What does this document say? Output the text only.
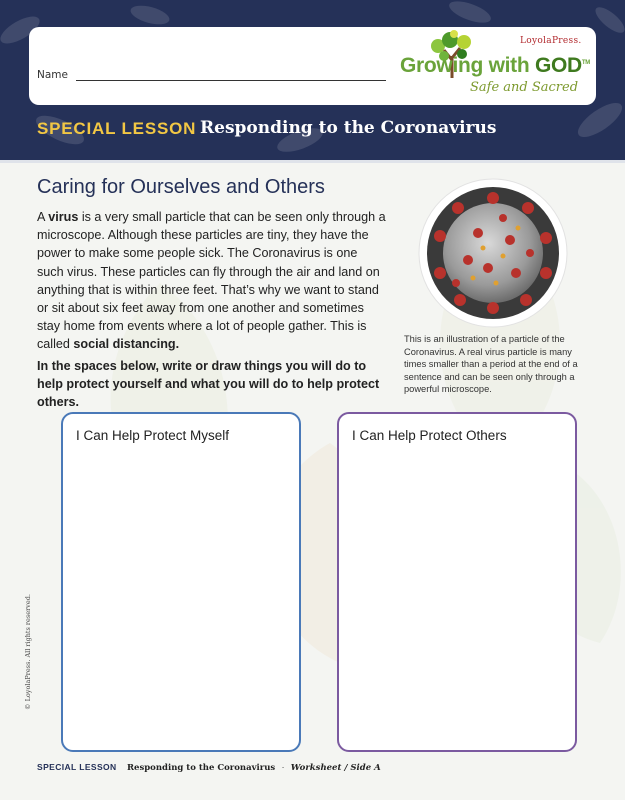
Name
LoyolaPress.
Growing with GOD™
Safe and Sacred
SPECIAL LESSON Responding to the Coronavirus
Caring for Ourselves and Others

A virus is a very small particle that can be seen only through a microscope. Although these particles are tiny, they have the power to make some people sick. The Coronavirus is one such virus. These particles can fly through the air and land on anything that is within three feet. That’s why we want to stand or sit about six feet away from one another and sometimes stay home from events where a lot of people gather. This is called social distancing.

In the spaces below, write or draw things you will do to help protect yourself and what you will do to help protect others.

This is an illustration of a particle of the Coronavirus. A real virus particle is many times smaller than a period at the end of a sentence and can be seen only through a powerful microscope.
I Can Help Protect Myself	I Can Help Protect Others
© LoyolaPress. All rights reserved.
SPECIAL LESSON Responding to the Coronavirus · Worksheet / Side A
